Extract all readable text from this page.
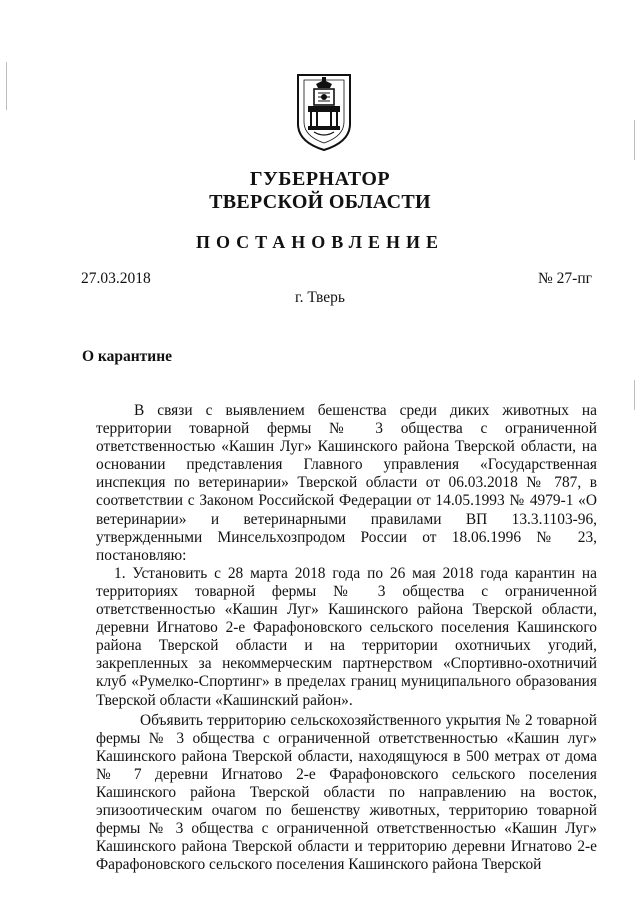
ГУБЕРНАТОР
ТВЕРСКОЙ ОБЛАСТИ
ПОСТАНОВЛЕНИЕ
27.03.2018	№ 27-пг
г. Тверь
О карантине

В связи с выявлением бешенства среди диких животных на территории товарной фермы № 3 общества с ограниченной ответственностью «Кашин Луг» Кашинского района Тверской области, на основании представления Главного управления «Государственная инспекция по ветеринарии» Тверской области от 06.03.2018 № 787, в соответствии с Законом Российской Федерации от 14.05.1993 № 4979-1 «О ветеринарии» и ветеринарными правилами ВП 13.3.1103-96, утвержденными Минсельхозпродом России от 18.06.1996 № 23, постановляю:

1. Установить с 28 марта 2018 года по 26 мая 2018 года карантин на территориях товарной фермы № 3 общества с ограниченной ответственностью «Кашин Луг» Кашинского района Тверской области, деревни Игнатово 2-е Фарафоновского сельского поселения Кашинского района Тверской области и на территории охотничьих угодий, закрепленных за некоммерческим партнерством «Спортивно-охотничий клуб «Румелко-Спортинг» в пределах границ муниципального образования Тверской области «Кашинский район».

Объявить территорию сельскохозяйственного укрытия № 2 товарной фермы № 3 общества с ограниченной ответственностью «Кашин луг» Кашинского района Тверской области, находящуюся в 500 метрах от дома № 7 деревни Игнатово 2-е Фарафоновского сельского поселения Кашинского района Тверской области по направлению на восток, эпизоотическим очагом по бешенству животных, территорию товарной фермы № 3 общества с ограниченной ответственностью «Кашин Луг» Кашинского района Тверской области и территорию деревни Игнатово 2-е Фарафоновского сельского поселения Кашинского района Тверской
